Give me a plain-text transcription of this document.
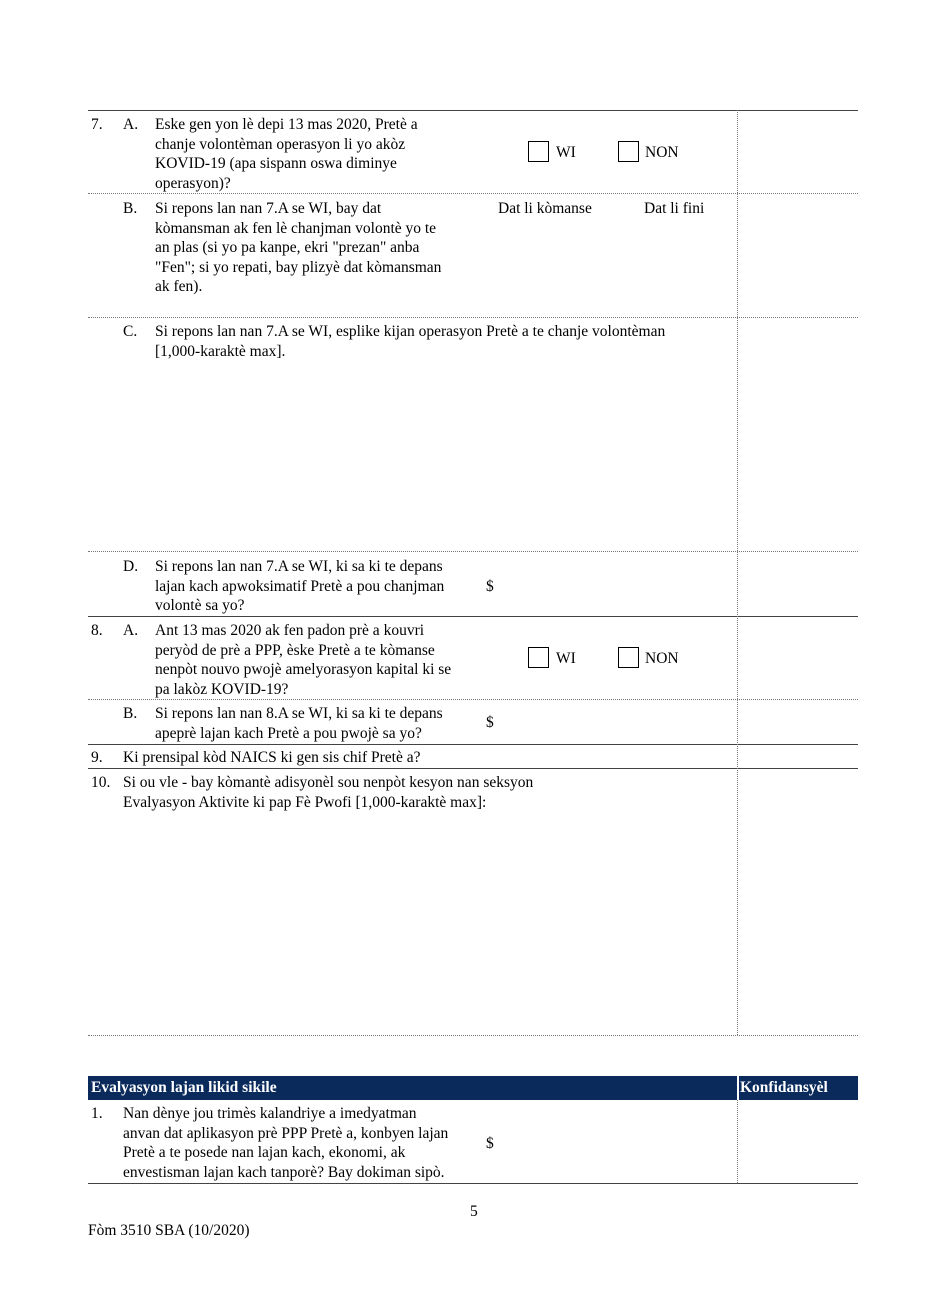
7. A. Eske gen yon lè depi 13 mas 2020, Pretè a
chanje volontèman operasyon li yo akòz
KOVID-19 (apa sispann oswa diminye
operasyon)?
WI	NON
B. Si repons lan nan 7.A se WI, bay dat
kòmansman ak fen lè chanjman volontè yo te
an plas (si yo pa kanpe, ekri "prezan" anba
"Fen"; si yo repati, bay plizyè dat kòmansman
ak fen).
Dat li kòmanse	Dat li fini
C. Si repons lan nan 7.A se WI, esplike kijan operasyon Pretè a te chanje volontèman
[1,000-karaktè max].
D. Si repons lan nan 7.A se WI, ki sa ki te depans
lajan kach apwoksimatif Pretè a pou chanjman
volontè sa yo?
$
8. A. Ant 13 mas 2020 ak fen padon prè a kouvri
peryòd de prè a PPP, èske Pretè a te kòmanse
nenpòt nouvo pwojè amelyorasyon kapital ki se
pa lakòz KOVID-19?
WI	NON
B. Si repons lan nan 8.A se WI, ki sa ki te depans
apeprè lajan kach Pretè a pou pwojè sa yo?
$
9. Ki prensipal kòd NAICS ki gen sis chif Pretè a?
10. Si ou vle - bay kòmantè adisyonèl sou nenpòt kesyon nan seksyon
Evalyasyon Aktivite ki pap Fè Pwofi [1,000-karaktè max]:
Evalyasyon lajan likid sikile	Konfidansyèl
1. Nan dènye jou trimès kalandriye a imedyatman
anvan dat aplikasyon prè PPP Pretè a, konbyen lajan
Pretè a te posede nan lajan kach, ekonomi, ak
envestisman lajan kach tanporè? Bay dokiman sipò.
$
5
Fòm 3510 SBA (10/2020)
